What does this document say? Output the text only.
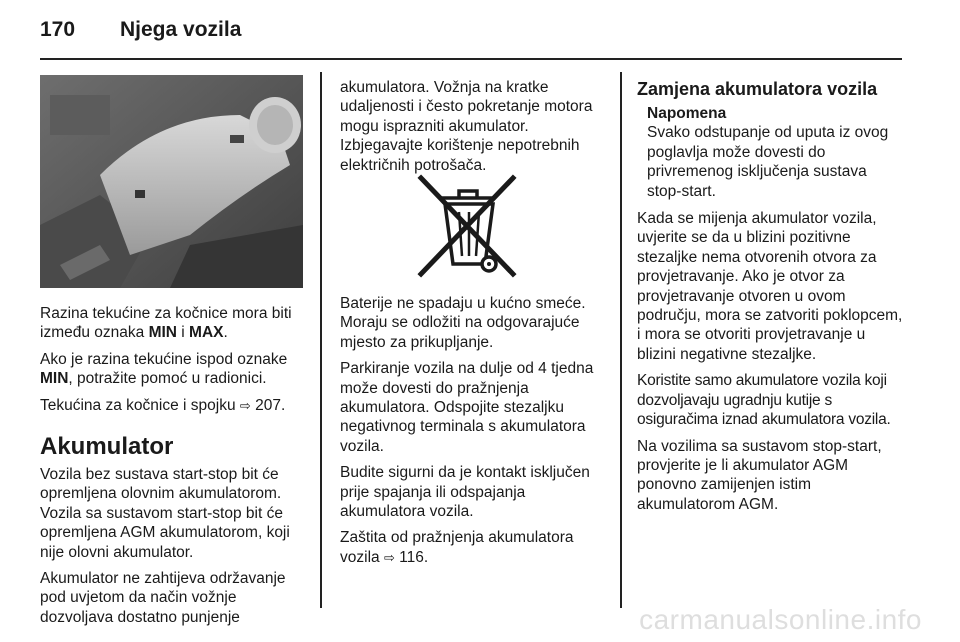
170 Njega vozila

Razina tekućine za kočnice mora biti između oznaka MIN i MAX.

Ako je razina tekućine ispod oznake MIN, potražite pomoć u radionici.

Tekućina za kočnice i spojku ⇨ 207.

Akumulator

Vozila bez sustava start-stop bit će opremljena olovnim akumulatorom. Vozila sa sustavom start-stop bit će opremljena AGM akumulatorom, koji nije olovni akumulator.

Akumulator ne zahtijeva održavanje pod uvjetom da način vožnje dozvoljava dostatno punjenje

akumulatora. Vožnja na kratke udaljenosti i često pokretanje motora mogu isprazniti akumulator. Izbjegavajte korištenje nepotrebnih električnih potrošača.

Baterije ne spadaju u kućno smeće. Moraju se odložiti na odgovarajuće mjesto za prikupljanje.

Parkiranje vozila na dulje od 4 tjedna može dovesti do pražnjenja akumulatora. Odspojite stezaljku negativnog terminala s akumulatora vozila.

Budite sigurni da je kontakt isključen prije spajanja ili odspajanja akumulatora vozila.

Zaštita od pražnjenja akumulatora vozila ⇨ 116.

Zamjena akumulatora vozila
Napomena
Svako odstupanje od uputa iz ovog poglavlja može dovesti do privremenog isključenja sustava stop-start.

Kada se mijenja akumulator vozila, uvjerite se da u blizini pozitivne stezaljke nema otvorenih otvora za provjetravanje. Ako je otvor za provjetravanje otvoren u ovom području, mora se zatvoriti poklopcem, i mora se otvoriti provjetravanje u blizini negativne stezaljke.

Koristite samo akumulatore vozila koji dozvoljavaju ugradnju kutije s osiguračima iznad akumulatora vozila.

Na vozilima sa sustavom stop-start, provjerite je li akumulator AGM ponovno zamijenjen istim akumulatorom AGM.

carmanualsonline.info
